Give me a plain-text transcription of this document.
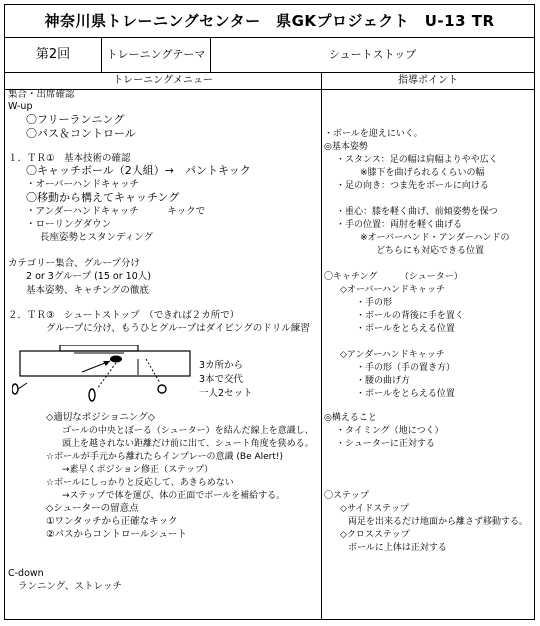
神奈川県トレーニングセンター　県GKプロジェクト　U-13 TR
第2回	トレーニングテーマ	シュートストップ
トレーニングメニュー	指導ポイント
集合・出席確認
W-up
〇フリーランニング
〇パス＆コントロール
１．ＴＲ①　基本技術の確認
〇キャッチボール（2人組）→　パントキック
・オーバーハンドキャッチ
〇移動から構えてキャッチング
・アンダーハンドキャッチ　　　キックで
・ローリングダウン
長座姿勢とスタンディング
カテゴリー集合、グループ分け
2 or 3グループ (15 or 10人)
基本姿勢、キャチングの徹底
２．ＴＲ③　シュートストップ　（できれば２カ所で）
グループに分け、もうひとグループはダイビングのドリル練習
3カ所から
3本で交代
一人2セット
◇適切なポジショニング◇
ゴールの中央とぼーる（シューター）を結んだ線上を意識し、
頭上を越されない距離だけ前に出て、シュート角度を狭める。
☆ボールが手元から離れたらインプレーの意識 (Be Alert!)
→素早くポジション修正（ステップ）
☆ボールにしっかりと反応して、あきらめない
→ステップで体を運び、体の正面でボールを補給する。
◇シューターの留意点
①ワンタッチから正確なキック
②パスからコントロールシュート
C-down
ランニング、ストレッチ
・ボールを迎えにいく。
◎基本姿勢
・スタンス：足の幅は肩幅よりやや広く
※膝下を曲げられるくらいの幅
・足の向き：つま先をボールに向ける
・重心：膝を軽く曲げ、前傾姿勢を保つ
・手の位置：両肘を軽く曲げる
※オーバーハンド・アンダーハンドの
どちらにも対応できる位置
〇キャチング　　　（シューター）
◇オーバーハンドキャッチ
・手の形
・ボールの背後に手を置く
・ボールをとらえる位置
◇アンダーハンドキャッチ
・手の形（手の置き方）
・腰の曲げ方
・ボールをとらえる位置
◎構えること
・タイミング（地につく）
・シューターに正対する
〇ステップ
◇サイドステップ
両足を出来るだけ地面から離さず移動する。
◇クロスステップ
ボールに上体は正対する
